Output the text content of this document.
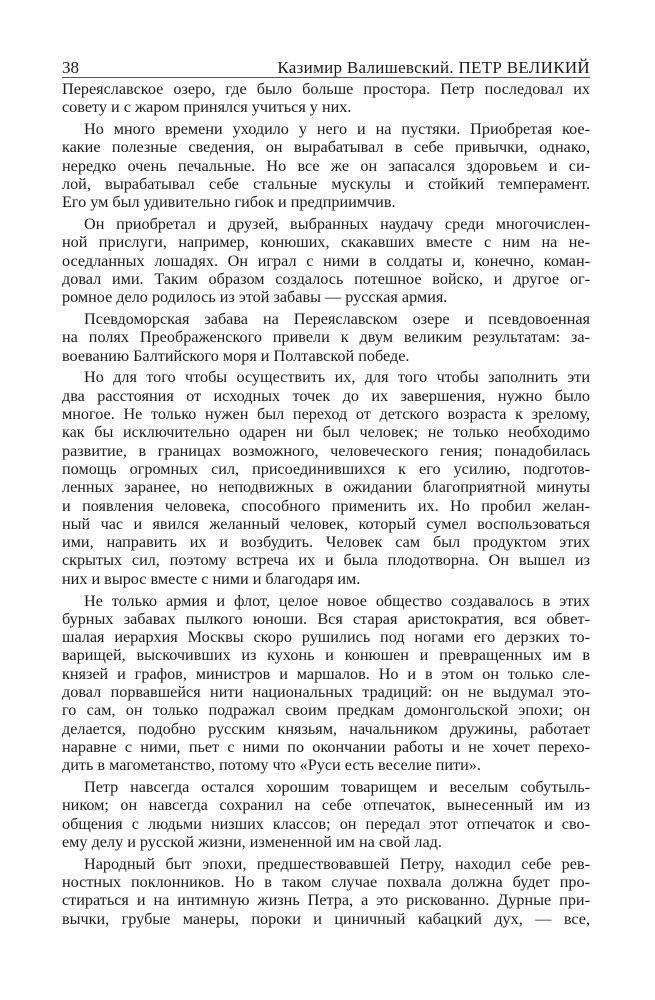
38	Казимир Валишевский. ПЕТР ВЕЛИКИЙ
Переяславское озеро, где было больше простора. Петр последовал их
совету и с жаром принялся учиться у них.
Но много времени уходило у него и на пустяки. Приобретая кое-
какие полезные сведения, он вырабатывал в себе привычки, однако,
нередко очень печальные. Но все же он запасался здоровьем и си-
лой, вырабатывал себе стальные мускулы и стойкий темперамент.
Его ум был удивительно гибок и предприимчив.
Он приобретал и друзей, выбранных наудачу среди многочислен-
ной прислуги, например, конюших, скакавших вместе с ним на не-
оседланных лошадях. Он играл с ними в солдаты и, конечно, коман-
довал ими. Таким образом создалось потешное войско, и другое ог-
ромное дело родилось из этой забавы — русская армия.
Псевдоморская забава на Переяславском озере и псевдовоенная
на полях Преображенского привели к двум великим результатам: за-
воеванию Балтийского моря и Полтавской победе.
Но для того чтобы осуществить их, для того чтобы заполнить эти
два расстояния от исходных точек до их завершения, нужно было
многое. Не только нужен был переход от детского возраста к зрелому,
как бы исключительно одарен ни был человек; не только необходимо
развитие, в границах возможного, человеческого гения; понадобилась
помощь огромных сил, присоединившихся к его усилию, подготов-
ленных заранее, но неподвижных в ожидании благоприятной минуты
и появления человека, способного применить их. Но пробил желан-
ный час и явился желанный человек, который сумел воспользоваться
ими, направить их и возбудить. Человек сам был продуктом этих
скрытых сил, поэтому встреча их и была плодотворна. Он вышел из
них и вырос вместе с ними и благодаря им.
Не только армия и флот, целое новое общество создавалось в этих
бурных забавах пылкого юноши. Вся старая аристократия, вся обвет-
шалая иерархия Москвы скоро рушились под ногами его дерзких то-
варищей, выскочивших из кухонь и конюшен и превращенных им в
князей и графов, министров и маршалов. Но и в этом он только сле-
довал порвавшейся нити национальных традиций: он не выдумал это-
го сам, он только подражал своим предкам домонгольской эпохи; он
делается, подобно русским князьям, начальником дружины, работает
наравне с ними, пьет с ними по окончании работы и не хочет перехо-
дить в магометанство, потому что «Руси есть веселие пити».
Петр навсегда остался хорошим товарищем и веселым собутыль-
ником; он навсегда сохранил на себе отпечаток, вынесенный им из
общения с людьми низших классов; он передал этот отпечаток и сво-
ему делу и русской жизни, измененной им на свой лад.
Народный быт эпохи, предшествовавшей Петру, находил себе рев-
ностных поклонников. Но в таком случае похвала должна будет про-
стираться и на интимную жизнь Петра, а это рискованно. Дурные при-
вычки, грубые манеры, пороки и циничный кабацкий дух, — все,
